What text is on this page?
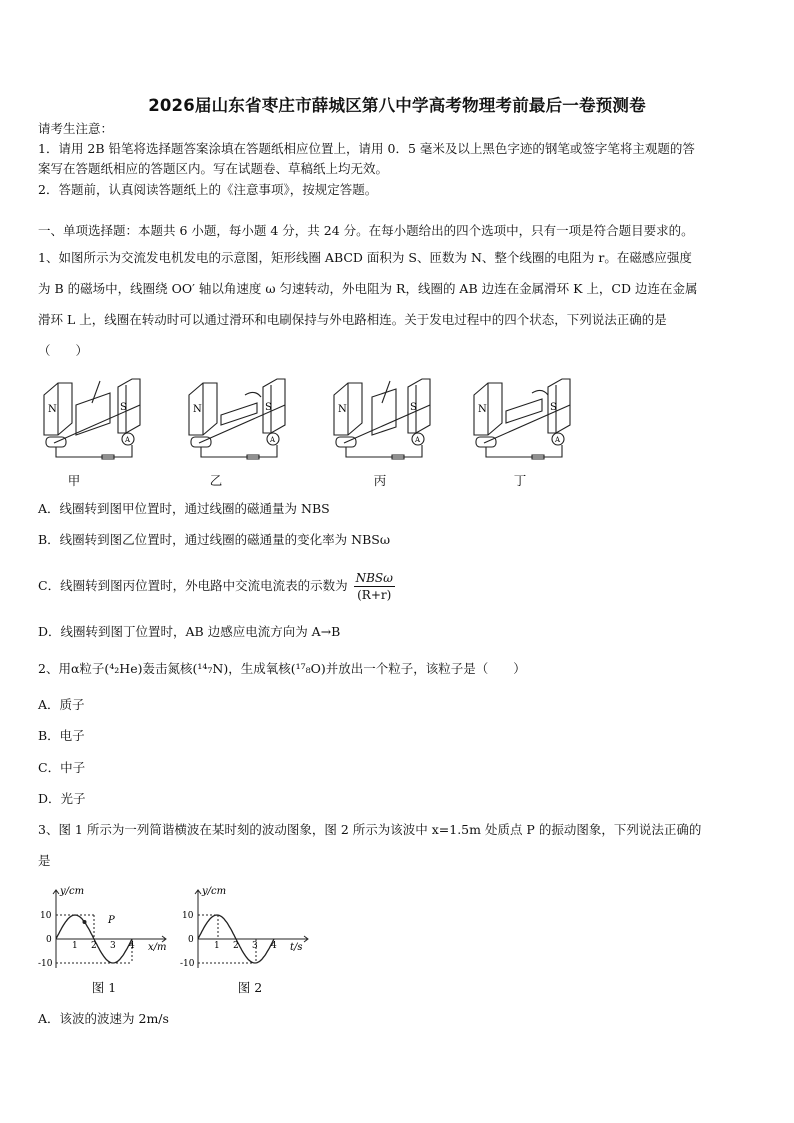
2026届山东省枣庄市薛城区第八中学高考物理考前最后一卷预测卷
请考生注意：
1．请用 2B 铅笔将选择题答案涂填在答题纸相应位置上，请用 0．5 毫米及以上黑色字迹的钢笔或签字笔将主观题的答
案写在答题纸相应的答题区内。写在试题卷、草稿纸上均无效。
2．答题前，认真阅读答题纸上的《注意事项》，按规定答题。
一、单项选择题：本题共 6 小题，每小题 4 分，共 24 分。在每小题给出的四个选项中，只有一项是符合题目要求的。
1、如图所示为交流发电机发电的示意图，矩形线圈 ABCD 面积为 S、匝数为 N、整个线圈的电阻为 r。在磁感应强度
为 B 的磁场中，线圈绕 OO′ 轴以角速度 ω 匀速转动，外电阻为 R，线圈的 AB 边连在金属滑环 K 上，CD 边连在金属
滑环 L 上，线圈在转动时可以通过滑环和电刷保持与外电路相连。关于发电过程中的四个状态，下列说法正确的是
（　　）
N	S
A
N	S
A
N	S
A
N	S
A
甲	乙	丙	丁
A．线圈转到图甲位置时，通过线圈的磁通量为 NBS
B．线圈转到图乙位置时，通过线圈的磁通量的变化率为 NBSω
C．线圈转到图丙位置时，外电路中交流电流表的示数为 $\frac{\text{NBSω}}{(R+r)}$
D．线圈转到图丁位置时，AB 边感应电流方向为 A→B
2、用α粒子(⁴₂He)轰击氮核(¹⁴₇N)，生成氧核(¹⁷₈O)并放出一个粒子，该粒子是（　　）
A．质子
B．电子
C．中子
D．光子
3、图 1 所示为一列简谐横波在某时刻的波动图象，图 2 所示为该波中 x=1.5m 处质点 P 的振动图象，下列说法正确的
是
P
y/cm
x/m
10
0
-10
1 2 3 4
图 1
y/cm
t/s
10
0
-10
1 2 3 4
图 2
A．该波的波速为 2m/s
